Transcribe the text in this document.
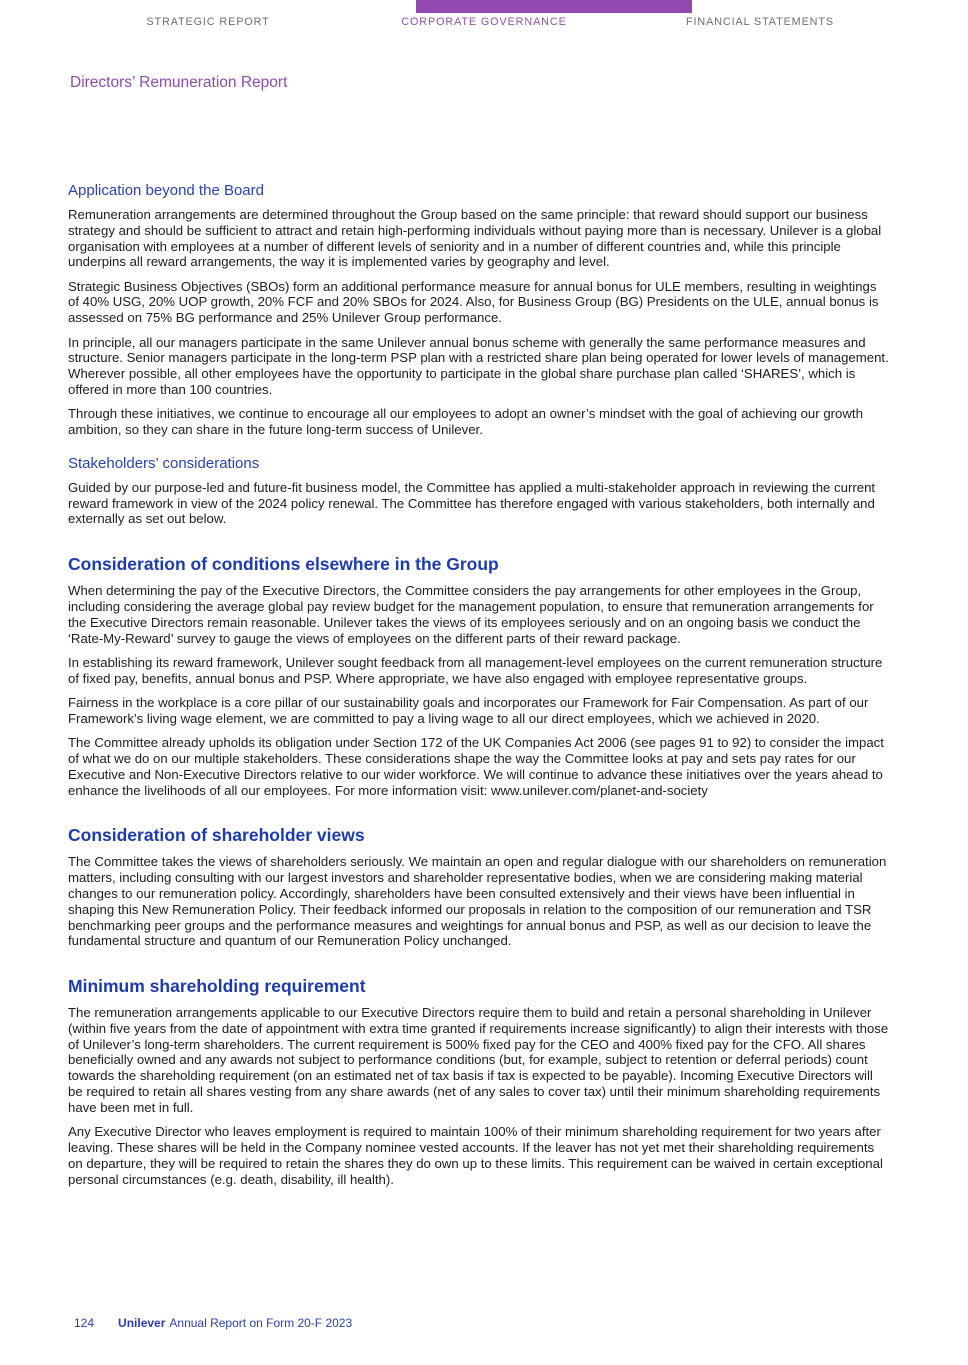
STRATEGIC REPORT	CORPORATE GOVERNANCE	FINANCIAL STATEMENTS
Directors’ Remuneration Report
Application beyond the Board

Remuneration arrangements are determined throughout the Group based on the same principle: that reward should support our business strategy and should be sufficient to attract and retain high-performing individuals without paying more than is necessary. Unilever is a global organisation with employees at a number of different levels of seniority and in a number of different countries and, while this principle underpins all reward arrangements, the way it is implemented varies by geography and level.

Strategic Business Objectives (SBOs) form an additional performance measure for annual bonus for ULE members, resulting in weightings of 40% USG, 20% UOP growth, 20% FCF and 20% SBOs for 2024. Also, for Business Group (BG) Presidents on the ULE, annual bonus is assessed on 75% BG performance and 25% Unilever Group performance.

In principle, all our managers participate in the same Unilever annual bonus scheme with generally the same performance measures and structure. Senior managers participate in the long-term PSP plan with a restricted share plan being operated for lower levels of management. Wherever possible, all other employees have the opportunity to participate in the global share purchase plan called ‘SHARES’, which is offered in more than 100 countries.

Through these initiatives, we continue to encourage all our employees to adopt an owner’s mindset with the goal of achieving our growth ambition, so they can share in the future long-term success of Unilever.

Stakeholders’ considerations

Guided by our purpose-led and future-fit business model, the Committee has applied a multi-stakeholder approach in reviewing the current reward framework in view of the 2024 policy renewal. The Committee has therefore engaged with various stakeholders, both internally and externally as set out below.

Consideration of conditions elsewhere in the Group

When determining the pay of the Executive Directors, the Committee considers the pay arrangements for other employees in the Group, including considering the average global pay review budget for the management population, to ensure that remuneration arrangements for the Executive Directors remain reasonable. Unilever takes the views of its employees seriously and on an ongoing basis we conduct the ‘Rate-My-Reward’ survey to gauge the views of employees on the different parts of their reward package.

In establishing its reward framework, Unilever sought feedback from all management-level employees on the current remuneration structure of fixed pay, benefits, annual bonus and PSP. Where appropriate, we have also engaged with employee representative groups.

Fairness in the workplace is a core pillar of our sustainability goals and incorporates our Framework for Fair Compensation. As part of our Framework’s living wage element, we are committed to pay a living wage to all our direct employees, which we achieved in 2020.

The Committee already upholds its obligation under Section 172 of the UK Companies Act 2006 (see pages 91 to 92) to consider the impact of what we do on our multiple stakeholders. These considerations shape the way the Committee looks at pay and sets pay rates for our Executive and Non-Executive Directors relative to our wider workforce. We will continue to advance these initiatives over the years ahead to enhance the livelihoods of all our employees. For more information visit: www.unilever.com/planet-and-society

Consideration of shareholder views

The Committee takes the views of shareholders seriously. We maintain an open and regular dialogue with our shareholders on remuneration matters, including consulting with our largest investors and shareholder representative bodies, when we are considering making material changes to our remuneration policy. Accordingly, shareholders have been consulted extensively and their views have been influential in shaping this New Remuneration Policy. Their feedback informed our proposals in relation to the composition of our remuneration and TSR benchmarking peer groups and the performance measures and weightings for annual bonus and PSP, as well as our decision to leave the fundamental structure and quantum of our Remuneration Policy unchanged.

Minimum shareholding requirement

The remuneration arrangements applicable to our Executive Directors require them to build and retain a personal shareholding in Unilever (within five years from the date of appointment with extra time granted if requirements increase significantly) to align their interests with those of Unilever’s long-term shareholders. The current requirement is 500% fixed pay for the CEO and 400% fixed pay for the CFO. All shares beneficially owned and any awards not subject to performance conditions (but, for example, subject to retention or deferral periods) count towards the shareholding requirement (on an estimated net of tax basis if tax is expected to be payable). Incoming Executive Directors will be required to retain all shares vesting from any share awards (net of any sales to cover tax) until their minimum shareholding requirements have been met in full.

Any Executive Director who leaves employment is required to maintain 100% of their minimum shareholding requirement for two years after leaving. These shares will be held in the Company nominee vested accounts. If the leaver has not yet met their shareholding requirements on departure, they will be required to retain the shares they do own up to these limits. This requirement can be waived in certain exceptional personal circumstances (e.g. death, disability, ill health).

124 Unilever Annual Report on Form 20-F 2023
